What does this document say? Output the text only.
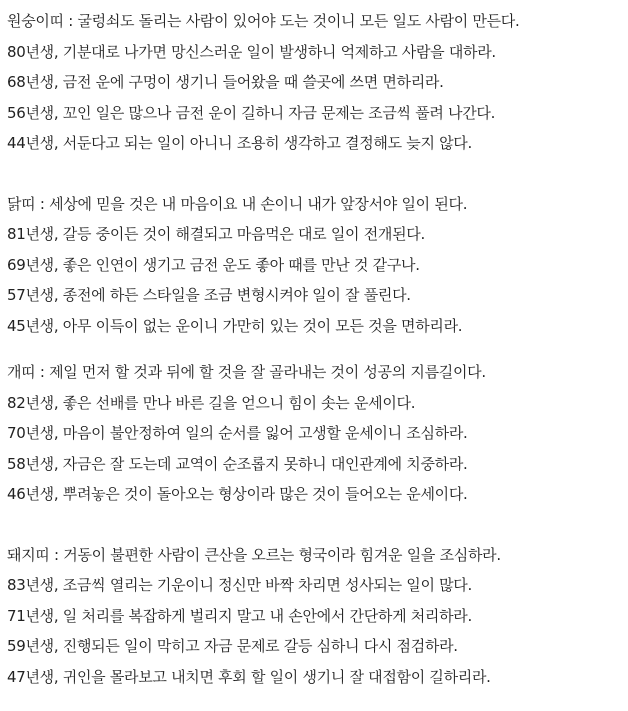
원숭이띠 : 굴렁쇠도 돌리는 사람이 있어야 도는 것이니 모든 일도 사람이 만든다.
80년생, 기분대로 나가면 망신스러운 일이 발생하니 억제하고 사람을 대하라.
68년생, 금전 운에 구멍이 생기니 들어왔을 때 쓸곳에 쓰면 면하리라.
56년생, 꼬인 일은 많으나 금전 운이 길하니 자금 문제는 조금씩 풀려 나간다.
44년생, 서둔다고 되는 일이 아니니 조용히 생각하고 결정해도 늦지 않다.
닭띠 : 세상에 믿을 것은 내 마음이요 내 손이니 내가 앞장서야 일이 된다.
81년생, 갈등 중이든 것이 해결되고 마음먹은 대로 일이 전개된다.
69년생, 좋은 인연이 생기고 금전 운도 좋아 때를 만난 것 같구나.
57년생, 종전에 하든 스타일을 조금 변형시켜야 일이 잘 풀린다.
45년생, 아무 이득이 없는 운이니 가만히 있는 것이 모든 것을 면하리라.
개띠 : 제일 먼저 할 것과 뒤에 할 것을 잘 골라내는 것이 성공의 지름길이다.
82년생, 좋은 선배를 만나 바른 길을 얻으니 힘이 솟는 운세이다.
70년생, 마음이 불안정하여 일의 순서를 잃어 고생할 운세이니 조심하라.
58년생, 자금은 잘 도는데 교역이 순조롭지 못하니 대인관계에 치중하라.
46년생, 뿌려놓은 것이 돌아오는 형상이라 많은 것이 들어오는 운세이다.
돼지띠 : 거동이 불편한 사람이 큰산을 오르는 형국이라 힘겨운 일을 조심하라.
83년생, 조금씩 열리는 기운이니 정신만 바짝 차리면 성사되는 일이 많다.
71년생, 일 처리를 복잡하게 벌리지 말고 내 손안에서 간단하게 처리하라.
59년생, 진행되든 일이 막히고 자금 문제로 갈등 심하니 다시 점검하라.
47년생, 귀인을 몰라보고 내치면 후회 할 일이 생기니 잘 대접함이 길하리라.
